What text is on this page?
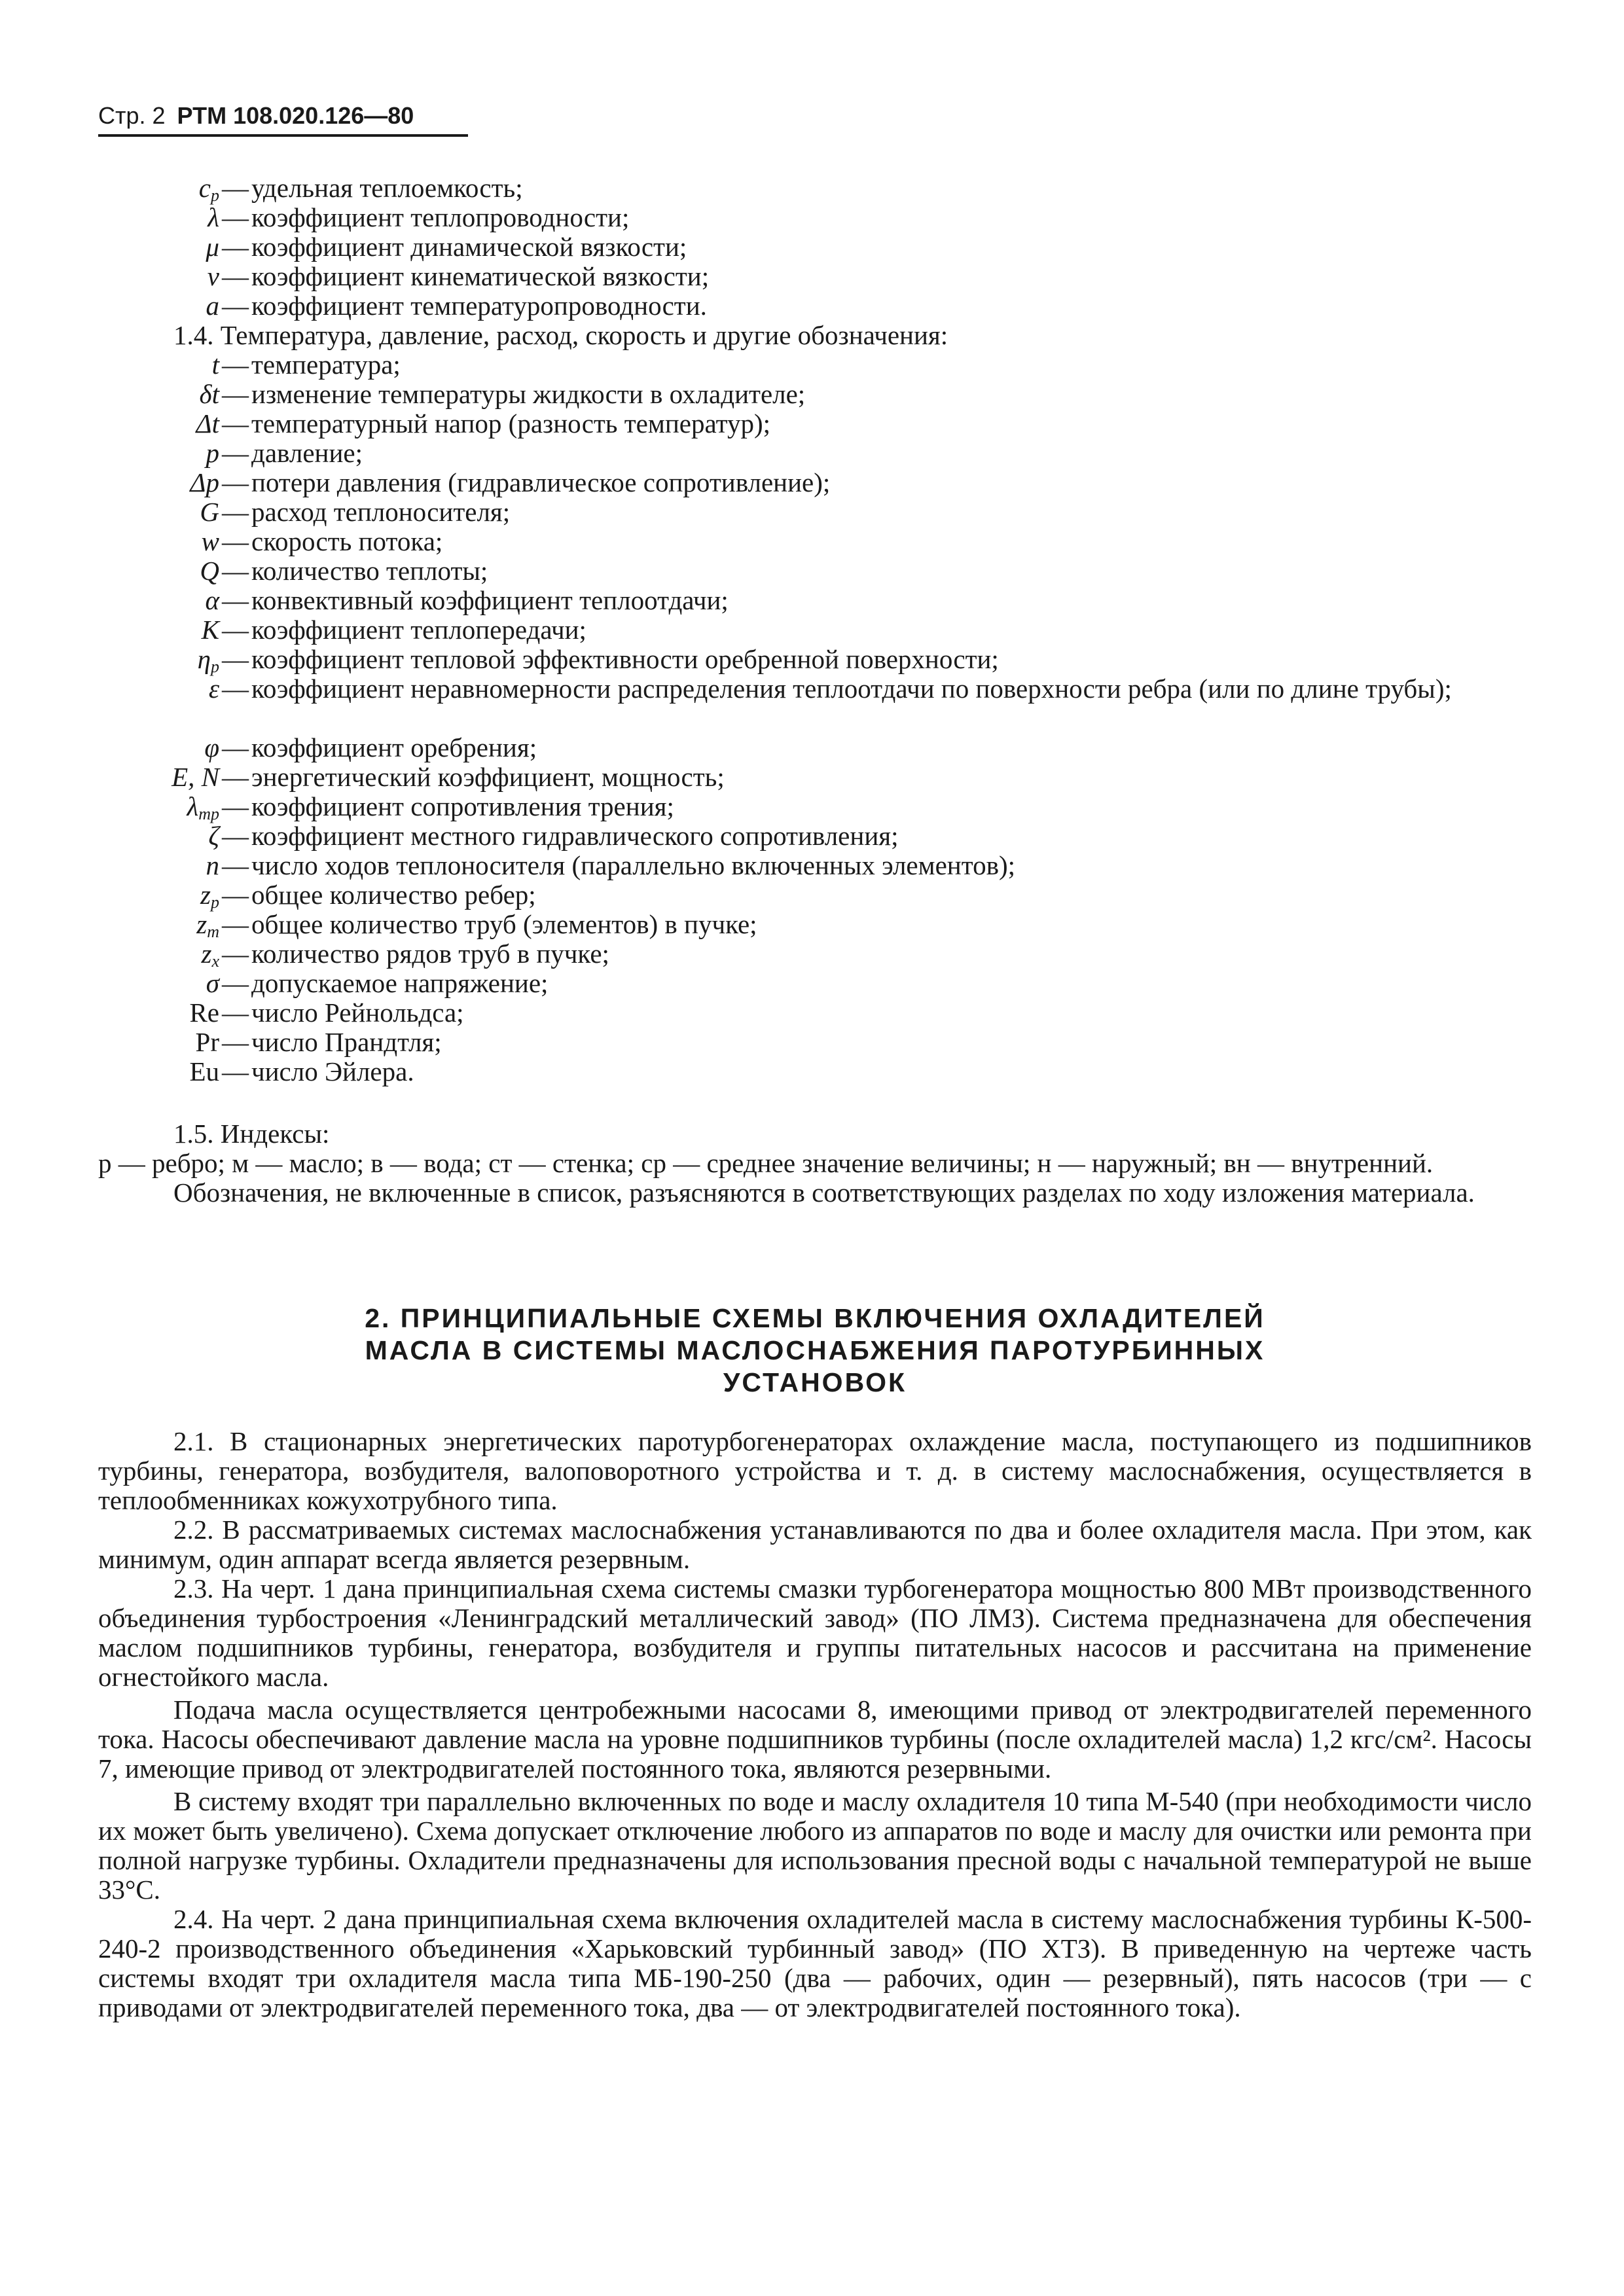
Стр. 2 РТМ 108.020.126—80
$c_р$ — удельная теплоемкость;
λ — коэффициент теплопроводности;
μ — коэффициент динамической вязкости;
ν — коэффициент кинематической вязкости;
a — коэффициент температуропроводности.

1.4. Температура, давление, расход, скорость и другие обозначения:

t — температура;
δt — изменение температуры жидкости в охладителе;
Δt — температурный напор (разность температур);
p — давление;
Δp — потери давления (гидравлическое сопротивление);
G — расход теплоносителя;
w — скорость потока;
Q — количество теплоты;
α — конвективный коэффициент теплоотдачи;
K — коэффициент теплопередачи;
$\eta_р$ — коэффициент тепловой эффективности оребренной поверхности;
ε — коэффициент неравномерности распределения теплоотдачи по поверхности ребра (или по длине трубы);
φ — коэффициент оребрения;
E, N — энергетический коэффициент, мощность;
$\lambda_{тр}$ — коэффициент сопротивления трения;
ζ — коэффициент местного гидравлического сопротивления;
n — число ходов теплоносителя (параллельно включенных элементов);
$z_р$ — общее количество ребер;
$z_т$ — общее количество труб (элементов) в пучке;
$z_x$ — количество рядов труб в пучке;
σ — допускаемое напряжение;
Re — число Рейнольдса;
Pr — число Прандтля;
Eu — число Эйлера.

1.5. Индексы:

р — ребро; м — масло; в — вода; ст — стенка; ср — среднее значение величины; н — наружный; вн — внутренний.

Обозначения, не включенные в список, разъясняются в соответствующих разделах по ходу изложения материала.

2. ПРИНЦИПИАЛЬНЫЕ СХЕМЫ ВКЛЮЧЕНИЯ ОХЛАДИТЕЛЕЙ
МАСЛА В СИСТЕМЫ МАСЛОСНАБЖЕНИЯ ПАРОТУРБИННЫХ
УСТАНОВОК

2.1. В стационарных энергетических паротурбогенераторах охлаждение масла, поступающего из подшипников турбины, генератора, возбудителя, валоповоротного устройства и т. д. в систему маслоснабжения, осуществляется в теплообменниках кожухотрубного типа.

2.2. В рассматриваемых системах маслоснабжения устанавливаются по два и более охладителя масла. При этом, как минимум, один аппарат всегда является резервным.

2.3. На черт. 1 дана принципиальная схема системы смазки турбогенератора мощностью 800 МВт производственного объединения турбостроения «Ленинградский металлический завод» (ПО ЛМЗ). Система предназначена для обеспечения маслом подшипников турбины, генератора, возбудителя и группы питательных насосов и рассчитана на применение огнестойкого масла.

Подача масла осуществляется центробежными насосами 8, имеющими привод от электродвигателей переменного тока. Насосы обеспечивают давление масла на уровне подшипников турбины (после охладителей масла) 1,2 кгс/см². Насосы 7, имеющие привод от электродвигателей постоянного тока, являются резервными.

В систему входят три параллельно включенных по воде и маслу охладителя 10 типа М-540 (при необходимости число их может быть увеличено). Схема допускает отключение любого из аппаратов по воде и маслу для очистки или ремонта при полной нагрузке турбины. Охладители предназначены для использования пресной воды с начальной температурой не выше 33°С.

2.4. На черт. 2 дана принципиальная схема включения охладителей масла в систему маслоснабжения турбины К-500-240-2 производственного объединения «Харьковский турбинный завод» (ПО ХТЗ). В приведенную на чертеже часть системы входят три охладителя масла типа МБ-190-250 (два — рабочих, один — резервный), пять насосов (три — с приводами от электродвигателей переменного тока, два — от электродвигателей постоянного тока).
